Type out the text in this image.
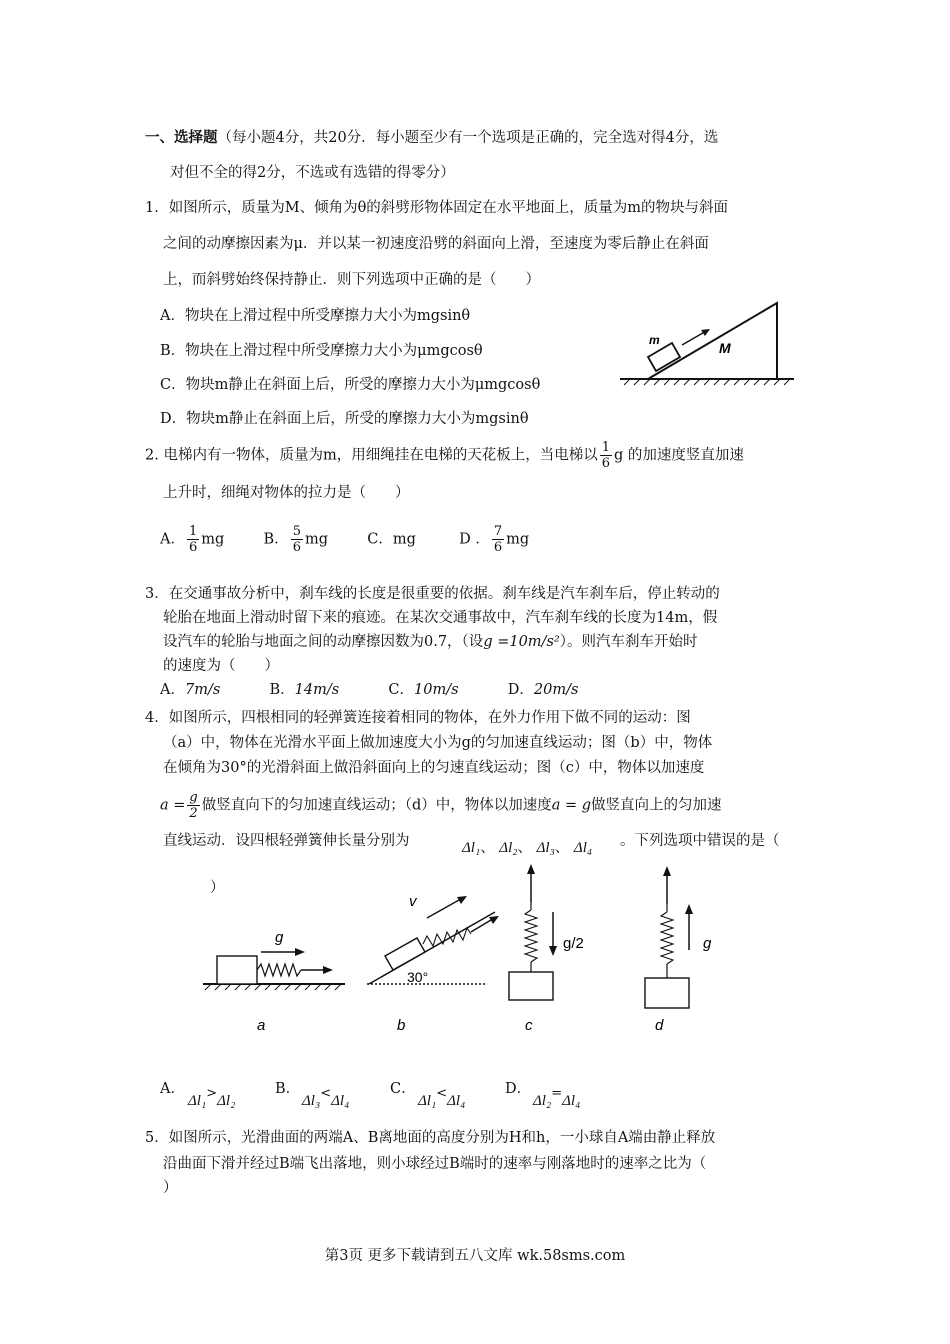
一、选择题（每小题4分，共20分．每小题至少有一个选项是正确的，完全选对得4分，选
对但不全的得2分，不选或有选错的得零分）
1．如图所示，质量为M、倾角为θ的斜劈形物体固定在水平地面上，质量为m的物块与斜面
之间的动摩擦因素为μ．并以某一初速度沿劈的斜面向上滑，至速度为零后静止在斜面
上，而斜劈始终保持静止．则下列选项中正确的是（　　）
A．物块在上滑过程中所受摩擦力大小为mgsinθ
B．物块在上滑过程中所受摩擦力大小为μmgcosθ
C．物块m静止在斜面上后，所受的摩擦力大小为μmgcosθ
D．物块m静止在斜面上后，所受的摩擦力大小为mgsinθ
m	M
2. 电梯内有一物体，质量为m，用细绳挂在电梯的天花板上，当电梯以 $\frac{1}{6}$ g 的加速度竖直加速
上升时，细绳对物体的拉力是（　　）
A． $\frac{1}{6}$ mg	B． $\frac{5}{6}$ mg	C．mg	D ． $\frac{7}{6}$ mg
3．在交通事故分析中，刹车线的长度是很重要的依据。刹车线是汽车刹车后，停止转动的
轮胎在地面上滑动时留下来的痕迹。在某次交通事故中，汽车刹车线的长度为14m，假
设汽车的轮胎与地面之间的动摩擦因数为0.7，（设g =10m/s²）。则汽车刹车开始时
的速度为（　　）
A．7m/s	B．14m/s	C．10m/s	D．20m/s
4．如图所示，四根相同的轻弹簧连接着相同的物体，在外力作用下做不同的运动：图
（a）中，物体在光滑水平面上做加速度大小为g的匀加速直线运动；图（b）中，物体
在倾角为30°的光滑斜面上做沿斜面向上的匀速直线运动；图（c）中，物体以加速度
$a = \frac{g}{2}$ 做竖直向下的匀加速直线运动；（d）中，物体以加速度a = g做竖直向上的匀加速
直线运动．设四根轻弹簧伸长量分别为	Δl₁、 Δl₂、 Δl₃、 Δl₄ 。下列选项中错误的是（
）
g
a
v
30°
b
g/2
c
g
d
A．
Δl₁>Δl₂
B．
Δl₃<Δl₄
C．
Δl₁<Δl₄
D．
Δl₂=Δl₄
5．如图所示，光滑曲面的两端A、B离地面的高度分别为H和h，一小球自A端由静止释放
沿曲面下滑并经过B端飞出落地，则小球经过B端时的速率与刚落地时的速率之比为（
）
第3页 更多下载请到五八文库 wk.58sms.com
